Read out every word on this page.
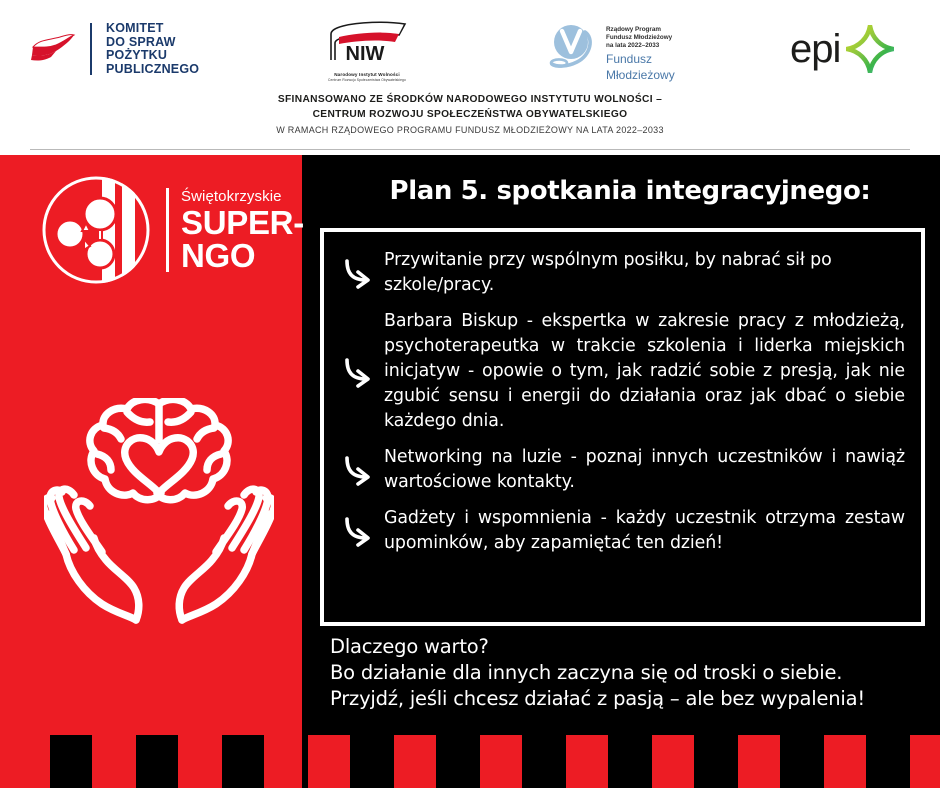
KOMITET
DO SPRAW
POŻYTKU
PUBLICZNEGO
NIW
Narodowy Instytut Wolności
Centrum Rozwoju Społeczeństwa Obywatelskiego
Rządowy Program
Fundusz Młodzieżowy
na lata 2022–2033
Fundusz
Młodzieżowy
epi
SFINANSOWANO ZE ŚRODKÓW NARODOWEGO INSTYTUTU WOLNOŚCI –
CENTRUM ROZWOJU SPOŁECZEŃSTWA OBYWATELSKIEGO
W RAMACH RZĄDOWEGO PROGRAMU FUNDUSZ MŁODZIEŻOWY NA LATA 2022–2033
Świętokrzyskie
SUPER-
NGO
Plan 5. spotkania integracyjnego:
Przywitanie przy wspólnym posiłku, by nabrać sił po szkole/pracy.
Barbara Biskup - ekspertka w zakresie pracy z młodzieżą, psychoterapeutka w trakcie szkolenia i liderka miejskich inicjatyw - opowie o tym, jak radzić sobie z presją, jak nie zgubić sensu i energii do działania oraz jak dbać o siebie każdego dnia.
Networking na luzie - poznaj innych uczestników i nawiąż wartościowe kontakty.
Gadżety i wspomnienia - każdy uczestnik otrzyma zestaw upominków, aby zapamiętać ten dzień!
Dlaczego warto?
Bo działanie dla innych zaczyna się od troski o siebie.
Przyjdź, jeśli chcesz działać z pasją – ale bez wypalenia!
